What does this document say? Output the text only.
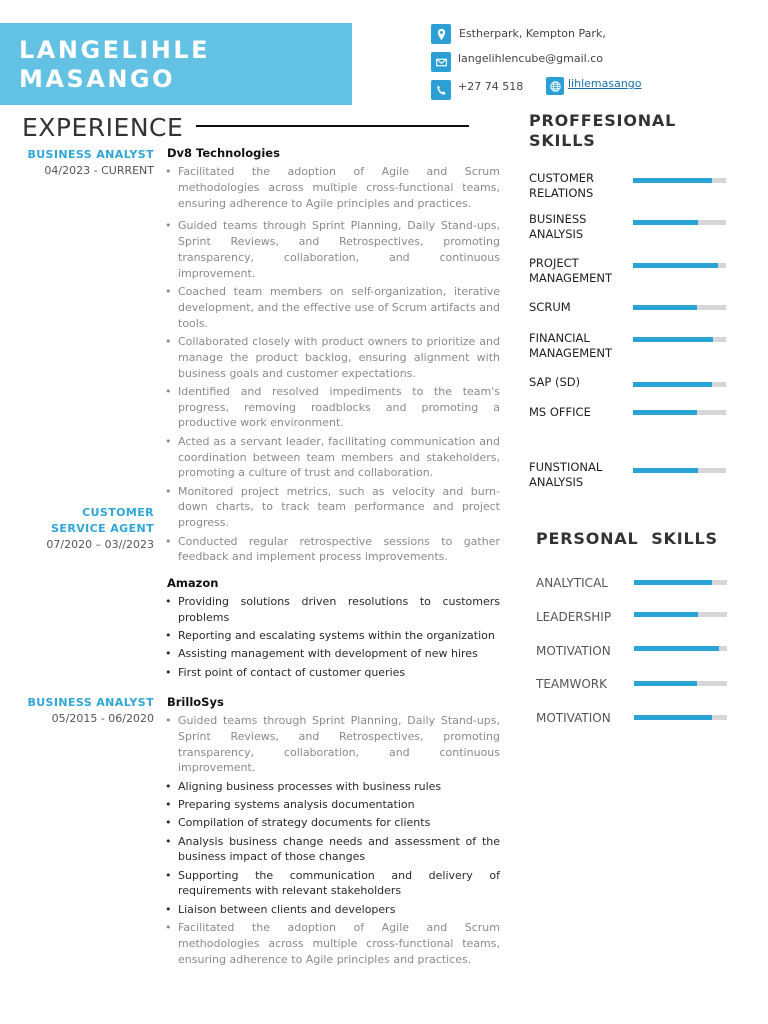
LANGELIHLE
MASANGO
Estherpark, Kempton Park,
langelihlencube@gmail.co
+27 74 518	lihlemasango
EXPERIENCE
BUSINESS ANALYST
04/2023 - CURRENT
Dv8 Technologies
• Facilitated the adoption of Agile and Scrum methodologies across multiple cross-functional teams, ensuring adherence to Agile principles and practices.
• Guided teams through Sprint Planning, Daily Stand-ups, Sprint Reviews, and Retrospectives, promoting transparency, collaboration, and continuous improvement.
• Coached team members on self-organization, iterative development, and the effective use of Scrum artifacts and tools.
• Collaborated closely with product owners to prioritize and manage the product backlog, ensuring alignment with business goals and customer expectations.
• Identified and resolved impediments to the team's progress, removing roadblocks and promoting a productive work environment.
• Acted as a servant leader, facilitating communication and coordination between team members and stakeholders, promoting a culture of trust and collaboration.
• Monitored project metrics, such as velocity and burn-down charts, to track team performance and project progress.
• Conducted regular retrospective sessions to gather feedback and implement process improvements.
CUSTOMER
SERVICE AGENT
07/2020 – 03//2023
Amazon
• Providing solutions driven resolutions to customers problems
• Reporting and escalating systems within the organization
• Assisting management with development of new hires
• First point of contact of customer queries
BUSINESS ANALYST
05/2015 - 06/2020
BrilloSys
• Guided teams through Sprint Planning, Daily Stand-ups, Sprint Reviews, and Retrospectives, promoting transparency, collaboration, and continuous improvement.
• Aligning business processes with business rules
• Preparing systems analysis documentation
• Compilation of strategy documents for clients
• Analysis business change needs and assessment of the business impact of those changes
• Supporting the communication and delivery of requirements with relevant stakeholders
• Liaison between clients and developers
• Facilitated the adoption of Agile and Scrum methodologies across multiple cross-functional teams, ensuring adherence to Agile principles and practices.
PROFFESIONAL
SKILLS
CUSTOMER
RELATIONS
BUSINESS
ANALYSIS
PROJECT
MANAGEMENT
SCRUM
FINANCIAL
MANAGEMENT
SAP (SD)
MS OFFICE
FUNSTIONAL
ANALYSIS
PERSONAL  SKILLS
ANALYTICAL
LEADERSHIP
MOTIVATION
TEAMWORK
MOTIVATION
